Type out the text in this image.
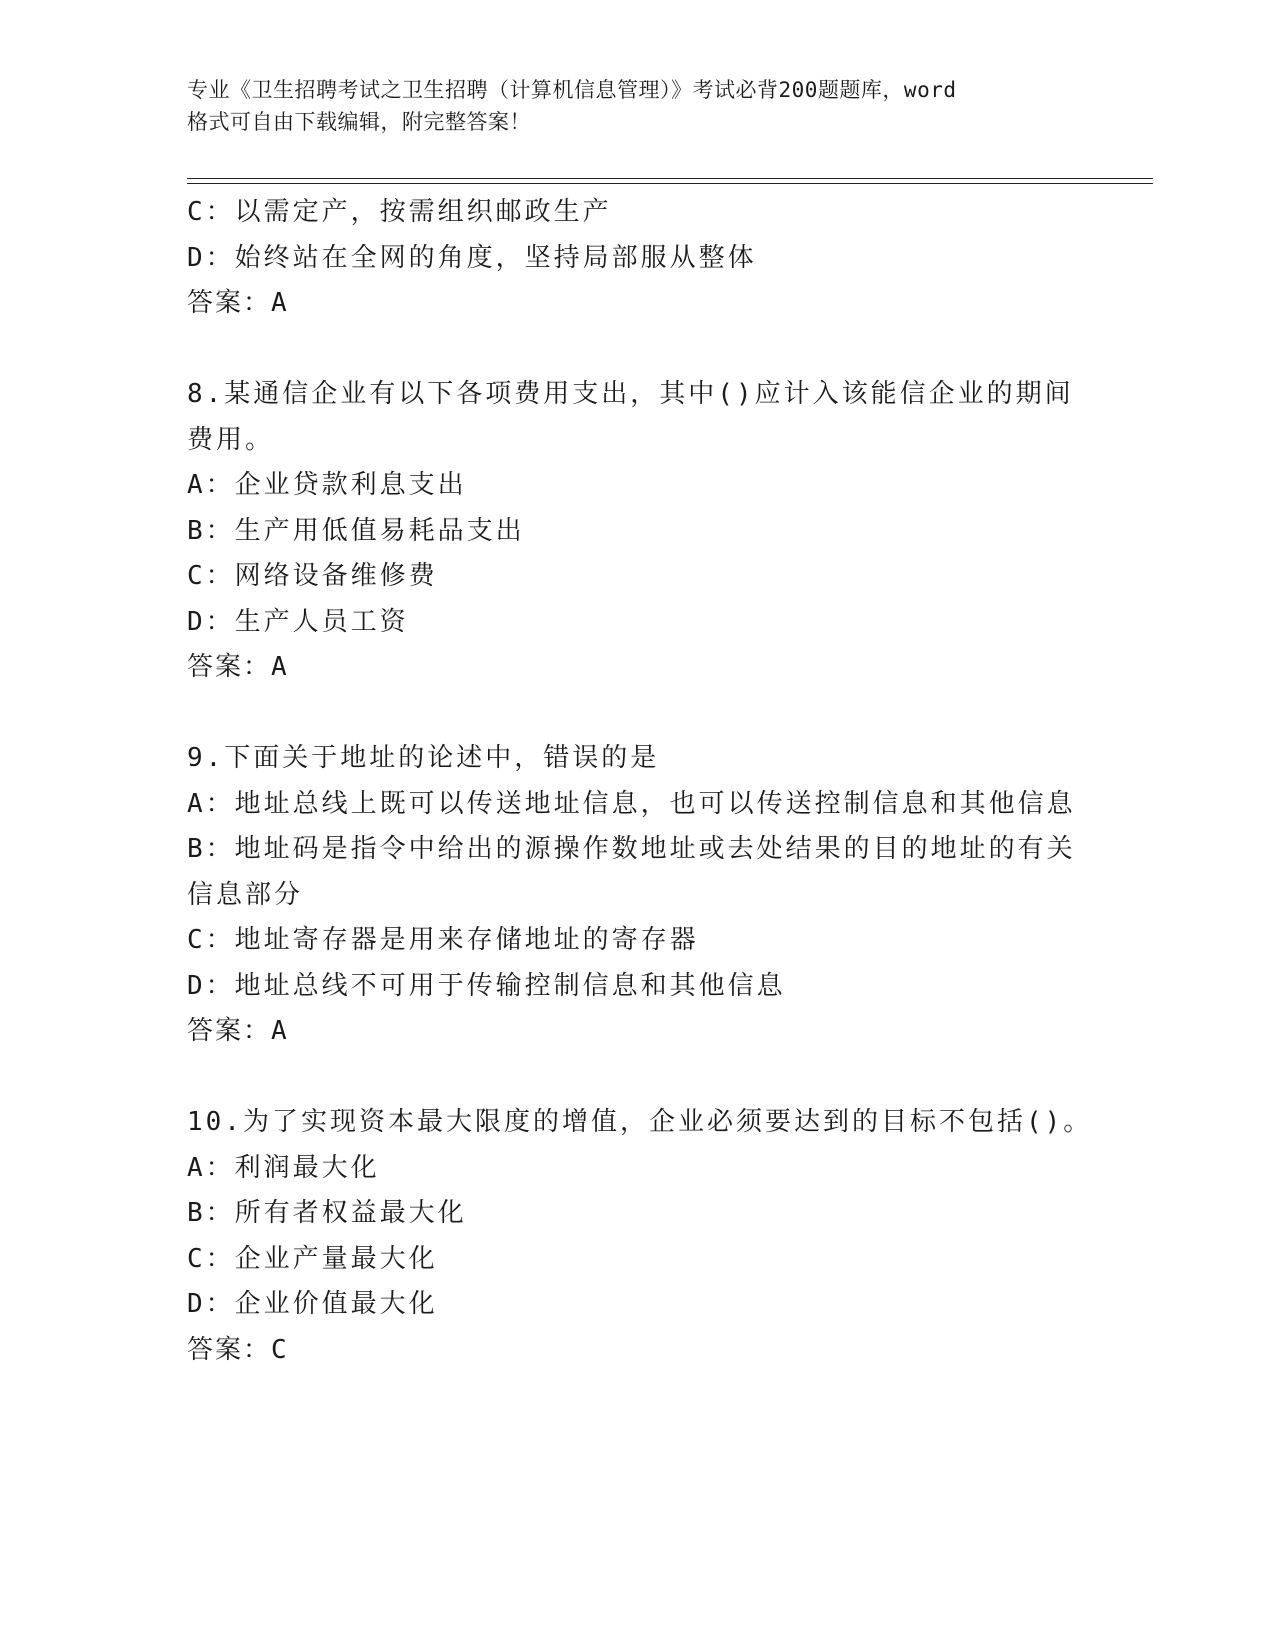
专业《卫生招聘考试之卫生招聘（计算机信息管理）》考试必背200题题库，word
格式可自由下载编辑，附完整答案！
C：以需定产，按需组织邮政生产
D：始终站在全网的角度，坚持局部服从整体
答案：A
8.某通信企业有以下各项费用支出，其中()应计入该能信企业的期间
费用。
A：企业贷款利息支出
B：生产用低值易耗品支出
C：网络设备维修费
D：生产人员工资
答案：A
9.下面关于地址的论述中，错误的是
A：地址总线上既可以传送地址信息，也可以传送控制信息和其他信息
B：地址码是指令中给出的源操作数地址或去处结果的目的地址的有关
信息部分
C：地址寄存器是用来存储地址的寄存器
D：地址总线不可用于传输控制信息和其他信息
答案：A
10.为了实现资本最大限度的增值，企业必须要达到的目标不包括()。
A：利润最大化
B：所有者权益最大化
C：企业产量最大化
D：企业价值最大化
答案：C
